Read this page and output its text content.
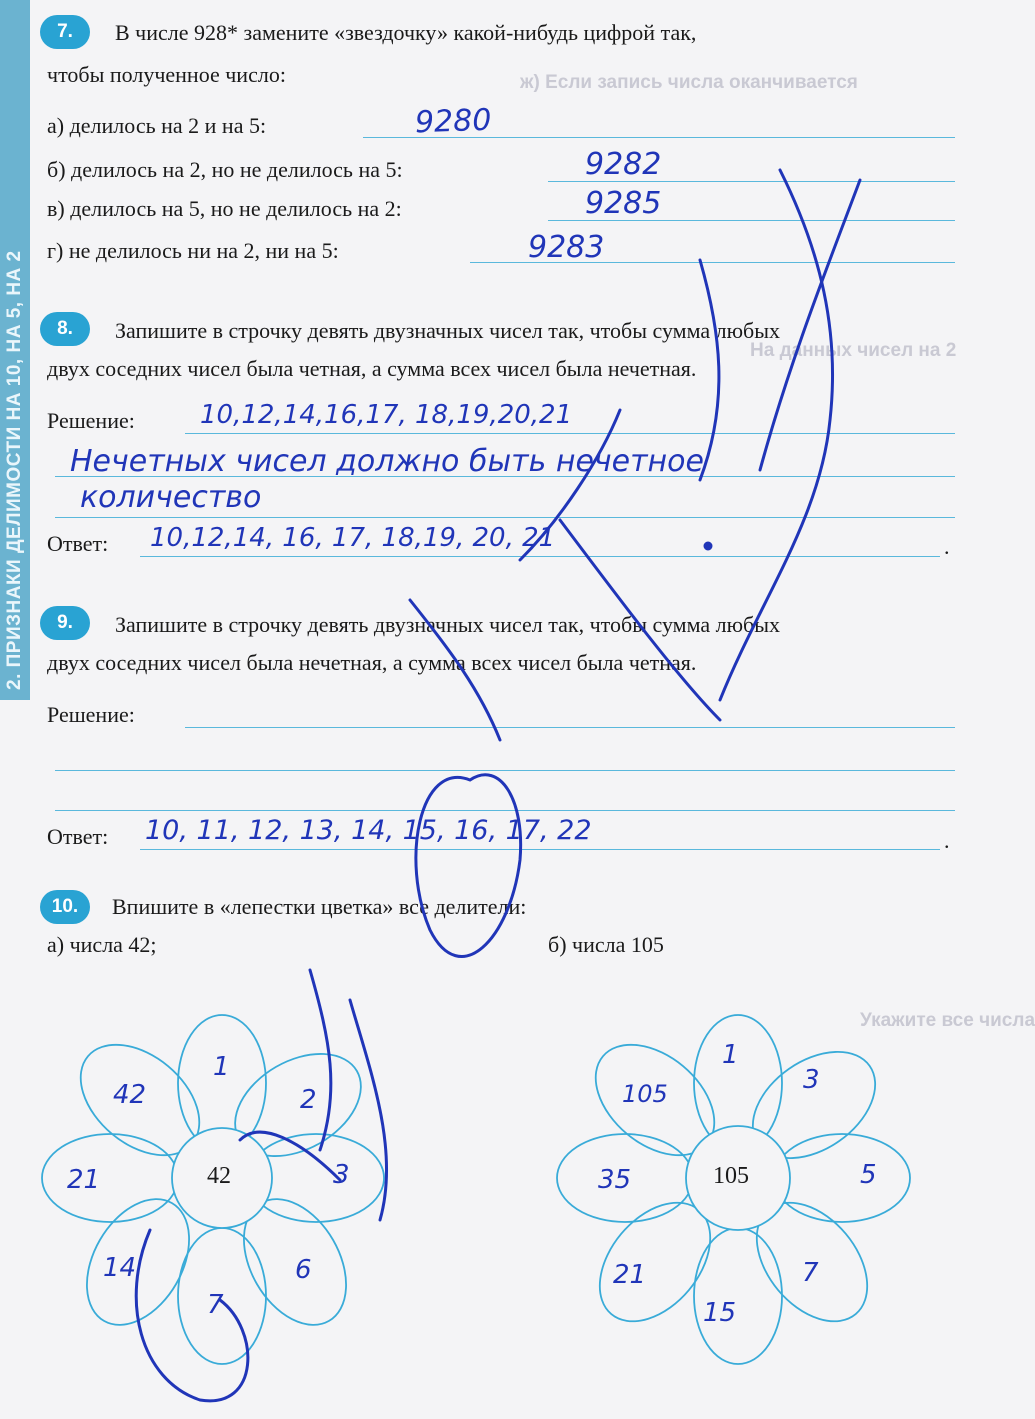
2. ПРИЗНАКИ ДЕЛИМОСТИ НА 10, НА 5, НА 2
ж) Если запись числа оканчивается
На данных чисел на 2
Укажите все числа
7.	В числе 928* замените «звездочку» какой-нибудь цифрой так,
чтобы полученное число:
а) делилось на 2 и на 5:	9280
б) делилось на 2, но не делилось на 5:	9282
в) делилось на 5, но не делилось на 2:	9285
г) не делилось ни на 2, ни на 5:	9283
8.	Запишите в строчку девять двузначных чисел так, чтобы сумма любых
двух соседних чисел была четная, а сумма всех чисел была нечетная.
Решение:	10,12,14,16,17, 18,19,20,21
Нечетных чисел должно быть нечетное
количество
Ответ:	.
10,12,14, 16, 17, 18,19, 20, 21
9.	Запишите в строчку девять двузначных чисел так, чтобы сумма любых
двух соседних чисел была нечетная, а сумма всех чисел была четная.
Решение:
Ответ:	.
10, 11, 12, 13, 14, 15, 16, 17, 22
10.	Впишите в «лепестки цветка» все делители:
а) числа 42;	б) числа 105
42
1
2
3
6
7
14
21
42
105
1
3
5
7
15
21
35
105
